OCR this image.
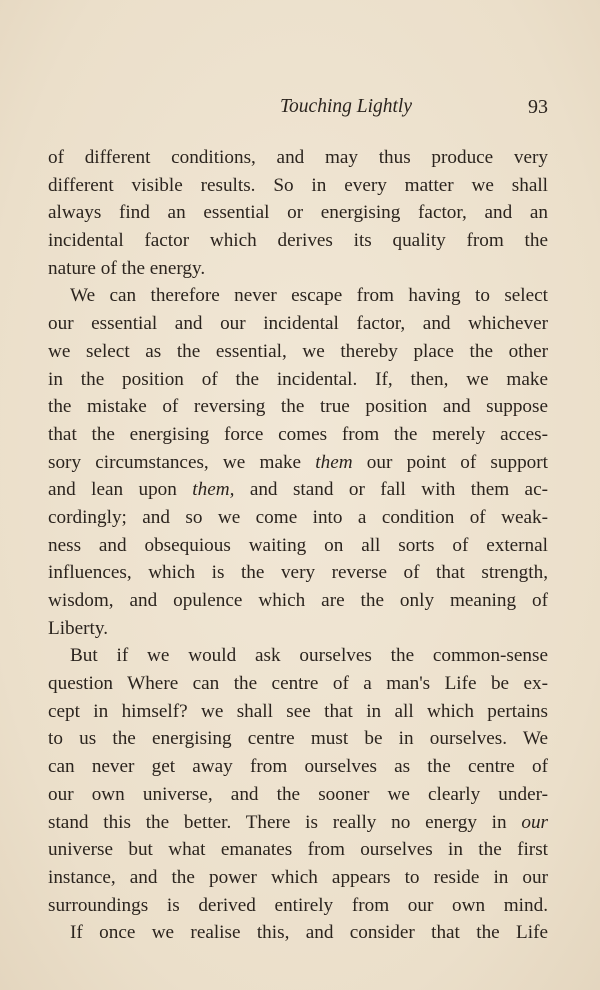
Touching Lightly	93
of different conditions, and may thus produce very
different visible results. So in every matter we shall
always find an essential or energising factor, and an
incidental factor which derives its quality from the
nature of the energy.
We can therefore never escape from having to select
our essential and our incidental factor, and whichever
we select as the essential, we thereby place the other
in the position of the incidental. If, then, we make
the mistake of reversing the true position and suppose
that the energising force comes from the merely acces-
sory circumstances, we make them our point of support
and lean upon them, and stand or fall with them ac-
cordingly; and so we come into a condition of weak-
ness and obsequious waiting on all sorts of external
influences, which is the very reverse of that strength,
wisdom, and opulence which are the only meaning of
Liberty.
But if we would ask ourselves the common-sense
question Where can the centre of a man's Life be ex-
cept in himself? we shall see that in all which pertains
to us the energising centre must be in ourselves. We
can never get away from ourselves as the centre of
our own universe, and the sooner we clearly under-
stand this the better. There is really no energy in our
universe but what emanates from ourselves in the first
instance, and the power which appears to reside in our
surroundings is derived entirely from our own mind.
If once we realise this, and consider that the Life
